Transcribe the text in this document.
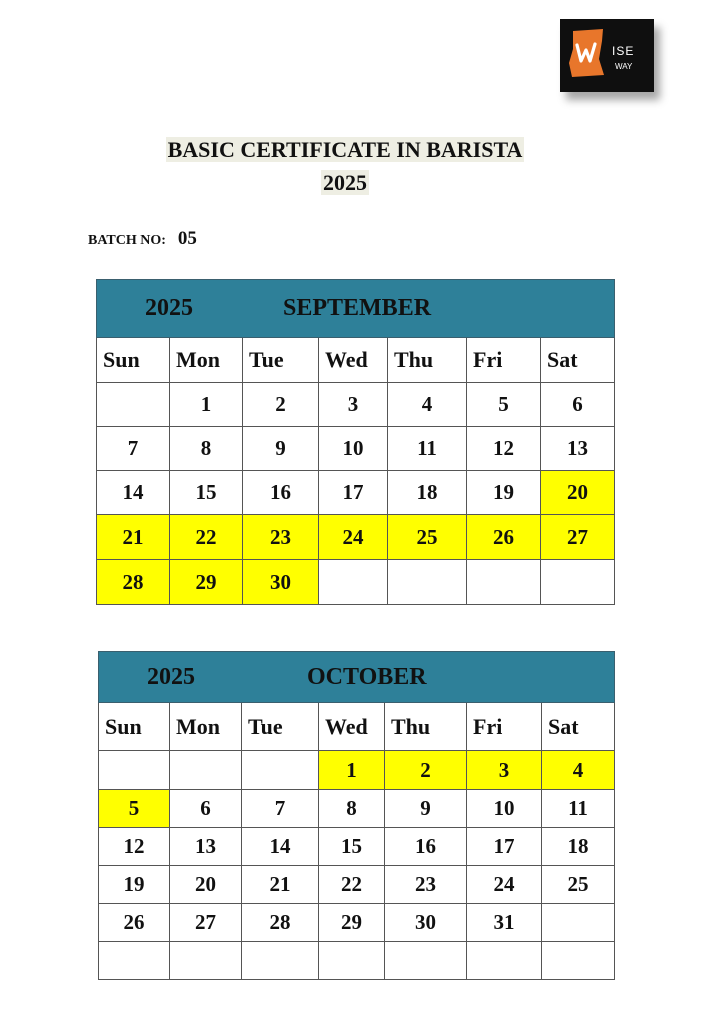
ISE
WAY
BASIC CERTIFICATE IN BARISTA
2025
BATCH NO: 05
2025 SEPTEMBER						
Sun	Mon	Tue	Wed	Thu	Fri	Sat
	1	2	3	4	5	6
7	8	9	10	11	12	13
14	15	16	17	18	19	20
21	22	23	24	25	26	27
28	29	30				
2025 OCTOBER						
Sun	Mon	Tue	Wed	Thu	Fri	Sat
			1	2	3	4
5	6	7	8	9	10	11
12	13	14	15	16	17	18
19	20	21	22	23	24	25
26	27	28	29	30	31	
